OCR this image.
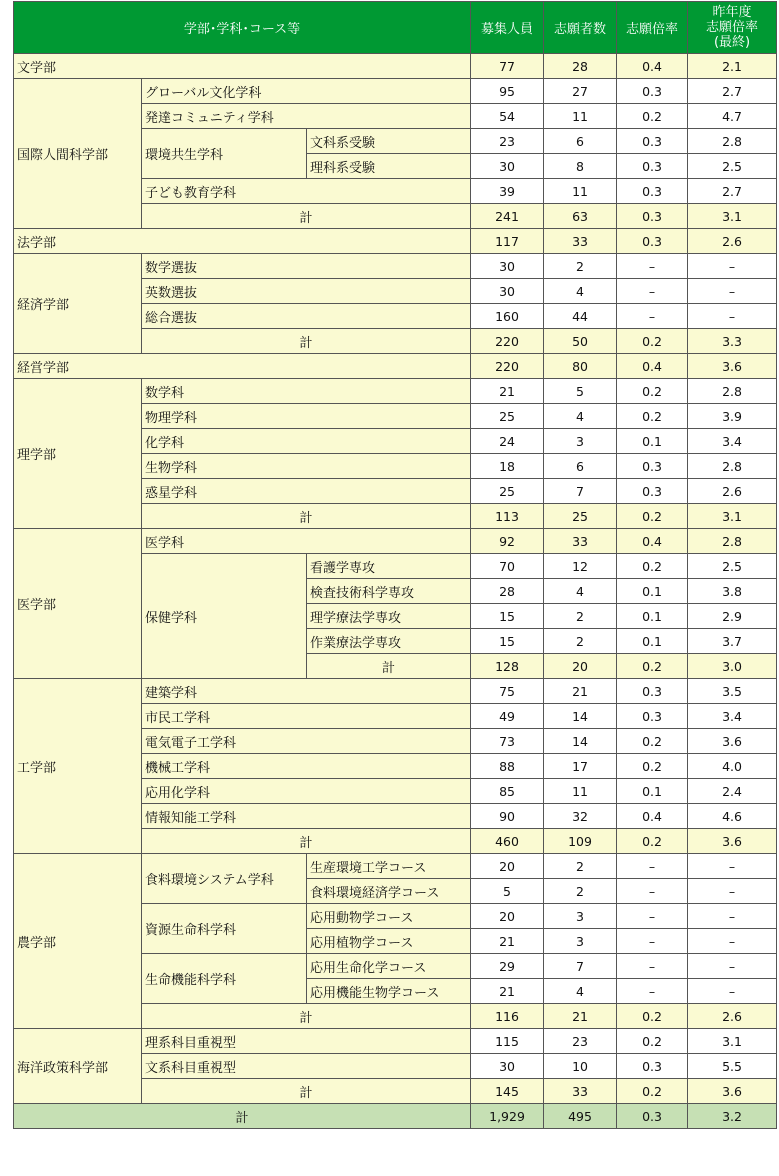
学部･学科･コース等			募集人員	志願者数	志願倍率	昨年度
志願倍率
(最終)

文学部			77	28	0.4	2.1
国際人間科学部	グローバル文化学科		95	27	0.3	2.7
	発達コミュニティ学科		54	11	0.2	4.7
	環境共生学科	文科系受験	23	6	0.3	2.8
		理科系受験	30	8	0.3	2.5
	子ども教育学科		39	11	0.3	2.7
	計		241	63	0.3	3.1
法学部			117	33	0.3	2.6
経済学部	数学選抜		30	2	–	–
	英数選抜		30	4	–	–
	総合選抜		160	44	–	–
	計		220	50	0.2	3.3
経営学部			220	80	0.4	3.6
理学部	数学科		21	5	0.2	2.8
	物理学科		25	4	0.2	3.9
	化学科		24	3	0.1	3.4
	生物学科		18	6	0.3	2.8
	惑星学科		25	7	0.3	2.6
	計		113	25	0.2	3.1
医学部	医学科		92	33	0.4	2.8
	保健学科	看護学専攻	70	12	0.2	2.5
		検査技術科学専攻	28	4	0.1	3.8
		理学療法学専攻	15	2	0.1	2.9
		作業療法学専攻	15	2	0.1	3.7
		計	128	20	0.2	3.0
工学部	建築学科		75	21	0.3	3.5
	市民工学科		49	14	0.3	3.4
	電気電子工学科		73	14	0.2	3.6
	機械工学科		88	17	0.2	4.0
	応用化学科		85	11	0.1	2.4
	情報知能工学科		90	32	0.4	4.6
	計		460	109	0.2	3.6
農学部	食料環境システム学科	生産環境工学コース	20	2	–	–
		食料環境経済学コース	5	2	–	–
	資源生命科学科	応用動物学コース	20	3	–	–
		応用植物学コース	21	3	–	–
	生命機能科学科	応用生命化学コース	29	7	–	–
		応用機能生物学コース	21	4	–	–
	計		116	21	0.2	2.6
海洋政策科学部	理系科目重視型		115	23	0.2	3.1
	文系科目重視型		30	10	0.3	5.5
	計		145	33	0.2	3.6
計			1,929	495	0.3	3.2
